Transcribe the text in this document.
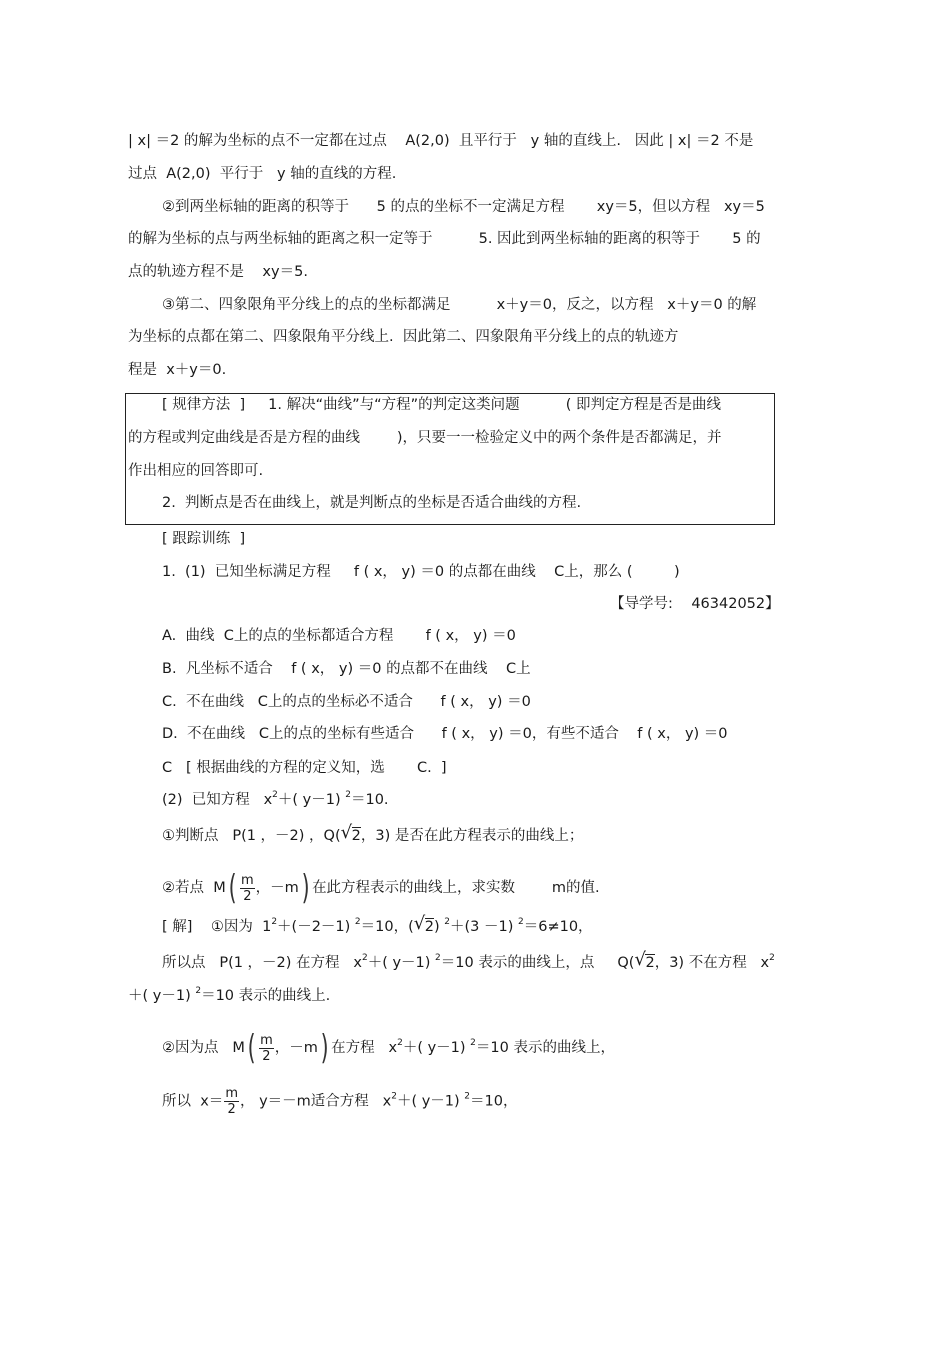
| x| ＝2 的解为坐标的点不一定都在过点    A(2,0)  且平行于   y 轴的直线上.   因此 | x| ＝2 不是
过点  A(2,0)  平行于   y 轴的直线的方程.
②到两坐标轴的距离的积等于      5 的点的坐标不一定满足方程       xy＝5，但以方程   xy＝5
的解为坐标的点与两坐标轴的距离之积一定等于          5. 因此到两坐标轴的距离的积等于       5 的
点的轨迹方程不是    xy＝5.
③第二、四象限角平分线上的点的坐标都满足          x＋y＝0，反之，以方程   x＋y＝0 的解
为坐标的点都在第二、四象限角平分线上.  因此第二、四象限角平分线上的点的轨迹方
程是  x＋y＝0.
[ 规律方法  ]     1. 解决“曲线”与“方程”的判定这类问题          ( 即判定方程是否是曲线
的方程或判定曲线是否是方程的曲线        )，只要一一检验定义中的两个条件是否都满足，并
作出相应的回答即可.
2.  判断点是否在曲线上，就是判断点的坐标是否适合曲线的方程.
[ 跟踪训练  ]
1.  (1)  已知坐标满足方程     f ( x， y) ＝0 的点都在曲线    C上，那么 (         )
【导学号:    46342052】
A.  曲线  C上的点的坐标都适合方程       f ( x， y) ＝0
B.  凡坐标不适合    f ( x， y) ＝0 的点都不在曲线    C上
C.  不在曲线   C上的点的坐标必不适合      f ( x， y) ＝0
D.  不在曲线   C上的点的坐标有些适合      f ( x， y) ＝0，有些不适合    f ( x， y) ＝0
C   [ 根据曲线的方程的定义知，选       C.  ]
(2)  已知方程   $x^2+$( y－1) $^2$＝10.
①判断点   P(1 ，－2) ，Q( √ 2，3) 是否在此方程表示的曲线上；
②若点  $M( \frac{m}{2}$ ，－m) 在此方程表示的曲线上，求实数        m的值.
[ 解]    ①因为  $1^2+(-2-1)$ $^2$＝10，( √ 2) $^2$＋(3 －1) $^2$＝6≠10，
所以点   P(1 ，－2) 在方程   $x^2+$( y－1) $^2$＝10 表示的曲线上，点     Q( √ 2，3) 不在方程   $x^2$
＋( y－1) $^2$＝10 表示的曲线上.
②因为点   $M( \frac{m}{2}$ ，－m) 在方程   $x^2+$( y－1) $^2$＝10 表示的曲线上，
所以  $x= \frac{m}{2}$ ， y＝－m适合方程   $x^2+$( y－1) $^2$＝10，
